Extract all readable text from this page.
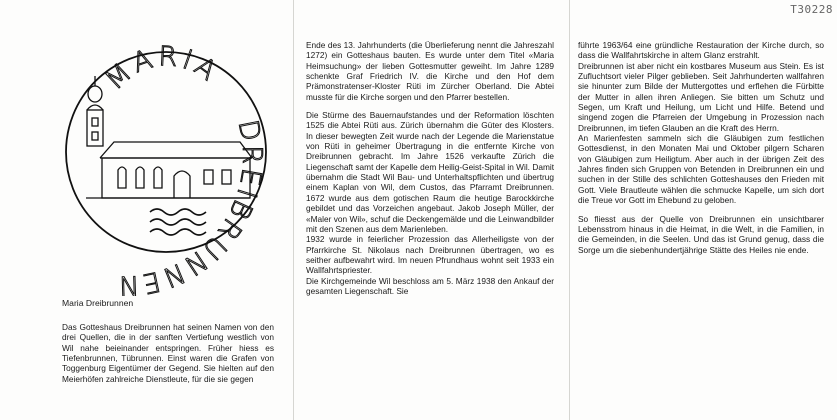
T30228
MARIA
DREIBRUNNEN
Maria Dreibrunnen

Das Gotteshaus Dreibrunnen hat seinen Namen von den drei Quellen, die in der sanften Vertiefung westlich von Wil nahe beieinander entspringen. Früher hiess es Tiefenbrunnen, Tübrunnen. Einst waren die Grafen von Toggenburg Eigentümer der Gegend. Sie hielten auf den Meierhöfen zahlreiche Dienstleute, für die sie gegen

Ende des 13. Jahrhunderts (die Überlieferung nennt die Jahreszahl 1272) ein Gotteshaus bauten. Es wurde unter dem Titel «Maria Heimsuchung» der lieben Gottesmutter geweiht. Im Jahre 1289 schenkte Graf Friedrich IV. die Kirche und den Hof dem Prämonstratenser-Kloster Rüti im Zürcher Oberland. Die Abtei musste für die Kirche sorgen und den Pfarrer bestellen.

Die Stürme des Bauernaufstandes und der Reformation löschten 1525 die Abtei Rüti aus. Zürich übernahm die Güter des Klosters. In dieser bewegten Zeit wurde nach der Legende die Marienstatue von Rüti in geheimer Übertragung in die entfernte Kirche von Dreibrunnen gebracht. Im Jahre 1526 verkaufte Zürich die Liegenschaft samt der Kapelle dem Heilig-Geist-Spital in Wil. Damit übernahm die Stadt Wil Bau- und Unterhaltspflichten und übertrug einem Kaplan von Wil, dem Custos, das Pfarramt Dreibrunnen. 1672 wurde aus dem gotischen Raum die heutige Barockkirche gebildet und das Vorzeichen angebaut. Jakob Joseph Müller, der «Maler von Wil», schuf die Deckengemälde und die Leinwandbilder mit den Szenen aus dem Marienleben.

1932 wurde in feierlicher Prozession das Allerheiligste von der Pfarrkirche St. Nikolaus nach Dreibrunnen übertragen, wo es seither aufbewahrt wird. Im neuen Pfrundhaus wohnt seit 1933 ein Wallfahrtspriester.

Die Kirchgemeinde Wil beschloss am 5. März 1938 den Ankauf der gesamten Liegenschaft. Sie

führte 1963/64 eine gründliche Restauration der Kirche durch, so dass die Wallfahrtskirche in altem Glanz erstrahlt.

Dreibrunnen ist aber nicht ein kostbares Museum aus Stein. Es ist Zufluchtsort vieler Pilger geblieben. Seit Jahrhunderten wallfahren sie hinunter zum Bilde der Muttergottes und erflehen die Fürbitte der Mutter in allen ihren Anliegen. Sie bitten um Schutz und Segen, um Kraft und Heilung, um Licht und Hilfe. Betend und singend zogen die Pfarreien der Umgebung in Prozession nach Dreibrunnen, im tiefen Glauben an die Kraft des Herrn.

An Marienfesten sammeln sich die Gläubigen zum festlichen Gottesdienst, in den Monaten Mai und Oktober pilgern Scharen von Gläubigen zum Heiligtum. Aber auch in der übrigen Zeit des Jahres finden sich Gruppen von Betenden in Dreibrunnen ein und suchen in der Stille des schlichten Gotteshauses den Frieden mit Gott. Viele Brautleute wählen die schmucke Kapelle, um sich dort die Treue vor Gott im Ehebund zu geloben.

So fliesst aus der Quelle von Dreibrunnen ein unsichtbarer Lebensstrom hinaus in die Heimat, in die Welt, in die Familien, in die Gemeinden, in die Seelen. Und das ist Grund genug, dass die Sorge um die siebenhundertjährige Stätte des Heiles nie ende.
